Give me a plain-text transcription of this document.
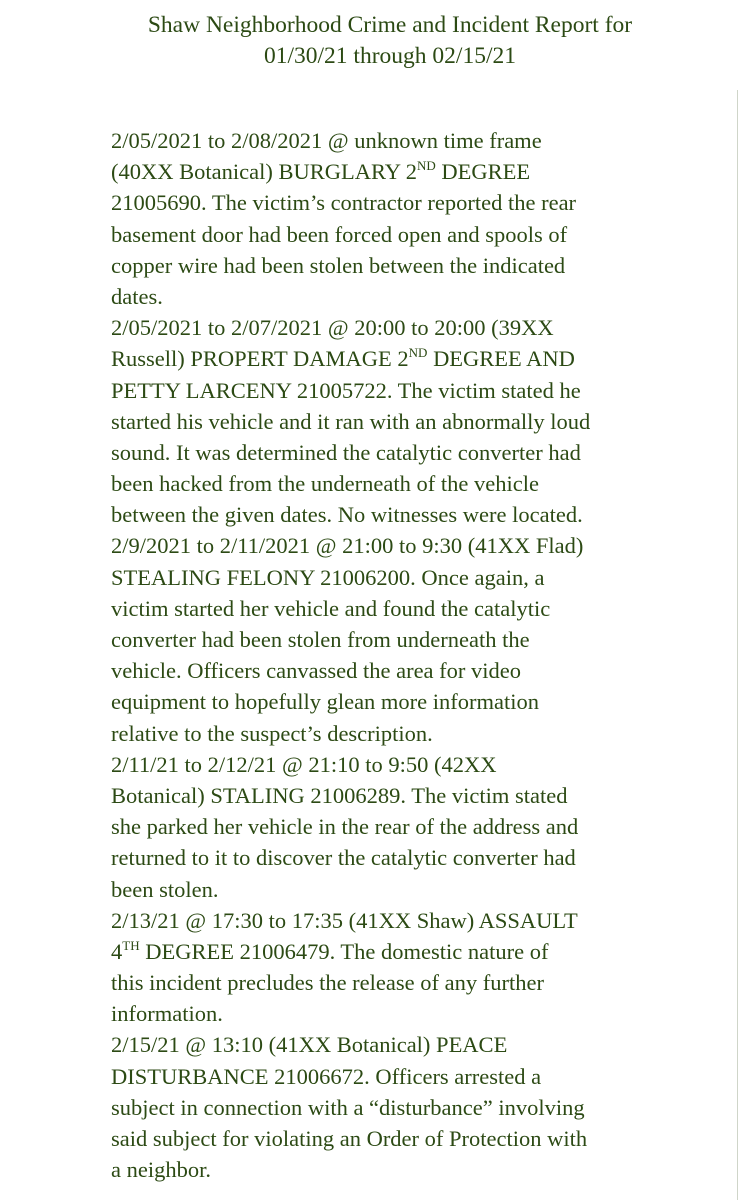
Shaw Neighborhood Crime and Incident Report for
01/30/21 through 02/15/21
2/05/2021 to 2/08/2021 @ unknown time frame
(40XX Botanical) BURGLARY 2ND DEGREE
21005690. The victim’s contractor reported the rear
basement door had been forced open and spools of
copper wire had been stolen between the indicated
dates.
2/05/2021 to 2/07/2021 @ 20:00 to 20:00 (39XX
Russell) PROPERT DAMAGE 2ND DEGREE AND
PETTY LARCENY 21005722. The victim stated he
started his vehicle and it ran with an abnormally loud
sound. It was determined the catalytic converter had
been hacked from the underneath of the vehicle
between the given dates. No witnesses were located.
2/9/2021 to 2/11/2021 @ 21:00 to 9:30 (41XX Flad)
STEALING FELONY 21006200. Once again, a
victim started her vehicle and found the catalytic
converter had been stolen from underneath the
vehicle. Officers canvassed the area for video
equipment to hopefully glean more information
relative to the suspect’s description.
2/11/21 to 2/12/21 @ 21:10 to 9:50 (42XX
Botanical) STALING 21006289. The victim stated
she parked her vehicle in the rear of the address and
returned to it to discover the catalytic converter had
been stolen.
2/13/21 @ 17:30 to 17:35 (41XX Shaw) ASSAULT
4TH DEGREE 21006479. The domestic nature of
this incident precludes the release of any further
information.
2/15/21 @ 13:10 (41XX Botanical) PEACE
DISTURBANCE 21006672. Officers arrested a
subject in connection with a “disturbance” involving
said subject for violating an Order of Protection with
a neighbor.
